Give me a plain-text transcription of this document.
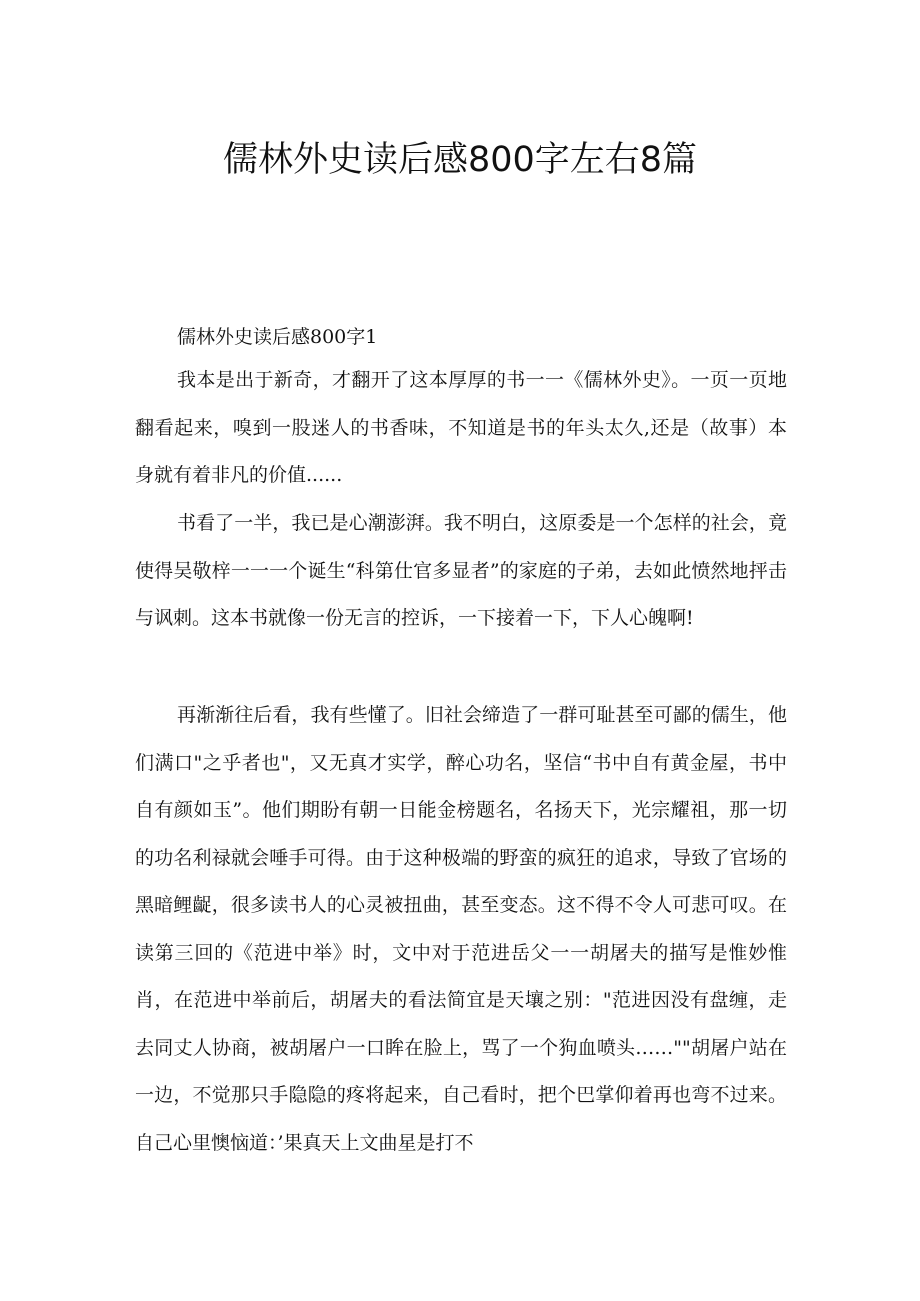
儒林外史读后感800字左右8篇
儒林外史读后感800字1

我本是出于新奇，才翻开了这本厚厚的书一一《儒林外史》。一页一页地翻看起来，嗅到一股迷人的书香味，不知道是书的年头太久,还是（故事）本身就有着非凡的价值......

书看了一半，我已是心潮澎湃。我不明白，这原委是一个怎样的社会，竟使得吴敬梓一一一个诞生“科第仕官多显者”的家庭的子弟，去如此愤然地抨击与讽刺。这本书就像一份无言的控诉，一下接着一下，下人心魄啊!

再渐渐往后看，我有些懂了。旧社会缔造了一群可耻甚至可鄙的儒生，他们满口"之乎者也"，又无真才实学，醉心功名，坚信“书中自有黄金屋，书中自有颜如玉”。他们期盼有朝一日能金榜题名，名扬天下，光宗耀祖，那一切的功名利禄就会唾手可得。由于这种极端的野蛮的疯狂的追求，导致了官场的黑暗鲤齪，很多读书人的心灵被扭曲，甚至变态。这不得不令人可悲可叹。在读第三回的《范进中举》时，文中对于范进岳父一一胡屠夫的描写是惟妙惟肖，在范进中举前后，胡屠夫的看法简宜是天壤之别："范进因没有盘缠，走去同丈人协商，被胡屠户一口眸在脸上，骂了一个狗血喷头……""胡屠户站在一边，不觉那只手隐隐的疼将起来，自己看时，把个巴掌仰着再也弯不过来。自己心里懊恼道：’果真天上文曲星是打不
